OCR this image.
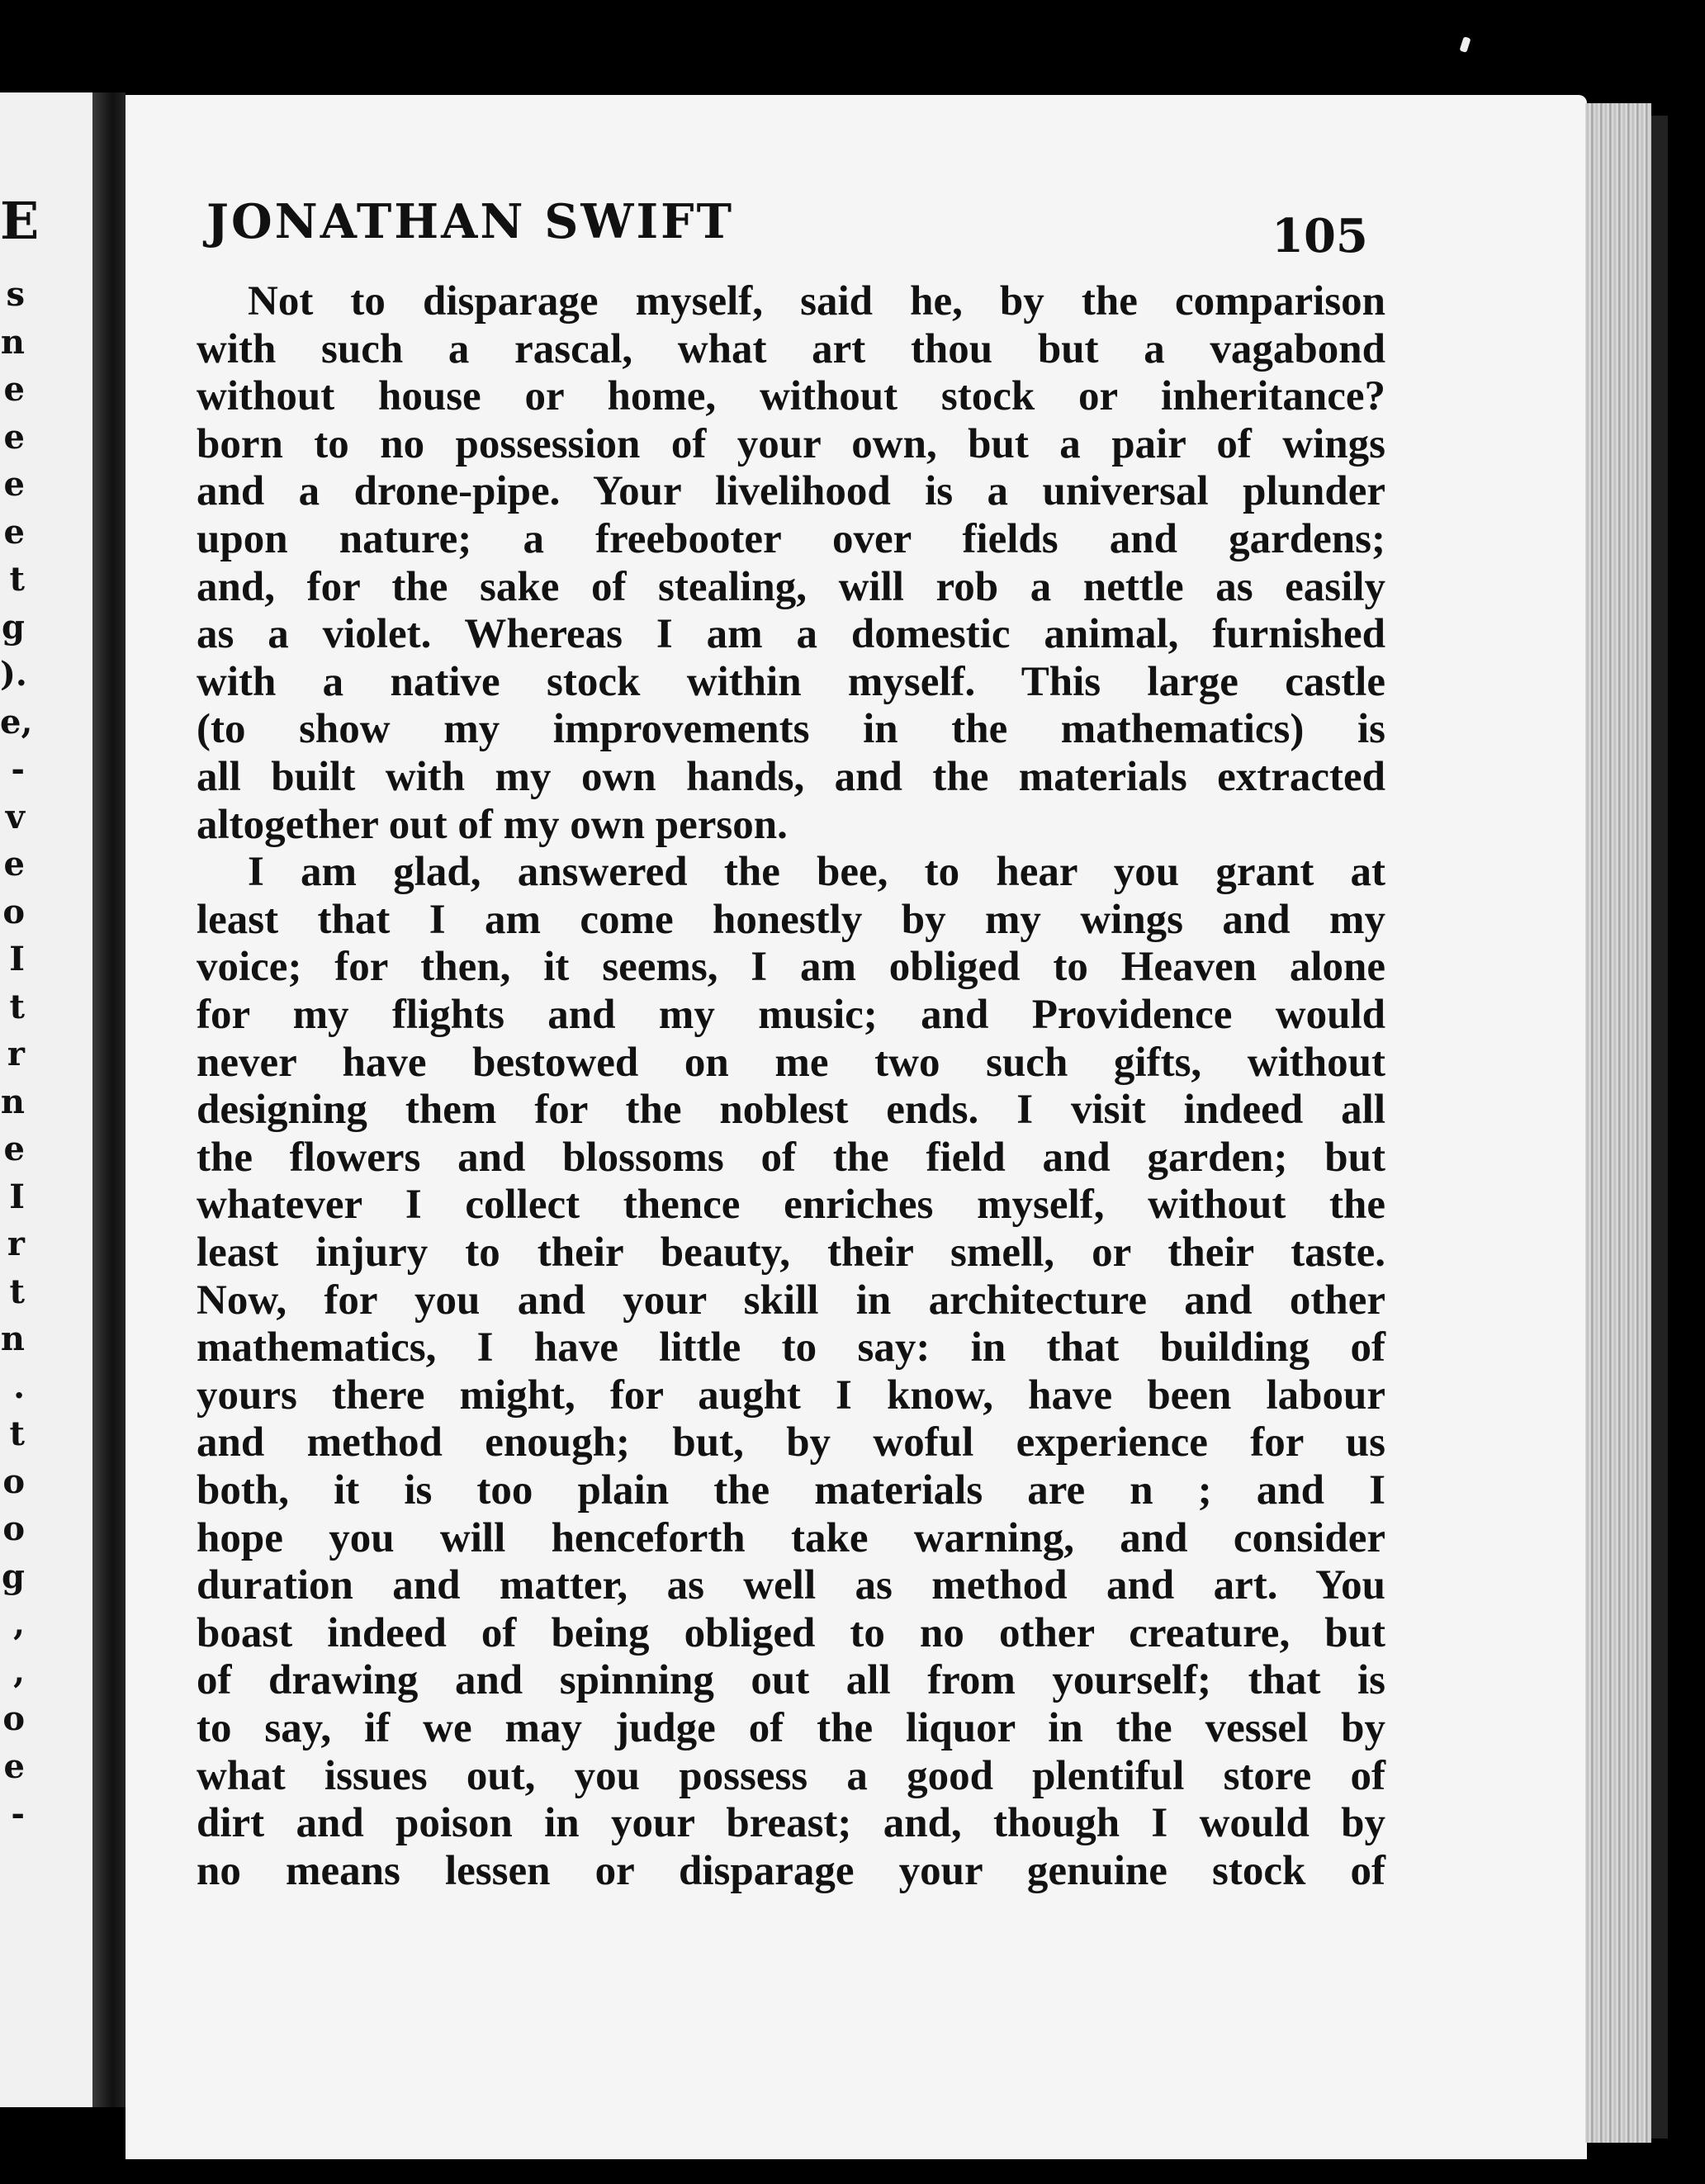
E
s
n
e
e
e
e
t
g
).
e,
-
v
e
o
I
t
r
n
e
I
r
t
n
.
t
o
o
g
,
,
o
e
-
JONATHAN SWIFT	105
Not to disparage myself, said he, by the comparison
with such a rascal, what art thou but a vagabond
without house or home, without stock or inheritance?
born to no possession of your own, but a pair of wings
and a drone-pipe. Your livelihood is a universal plunder
upon nature; a freebooter over fields and gardens;
and, for the sake of stealing, will rob a nettle as easily
as a violet. Whereas I am a domestic animal, furnished
with a native stock within myself. This large castle
(to show my improvements in the mathematics) is
all built with my own hands, and the materials extracted
altogether out of my own person.
I am glad, answered the bee, to hear you grant at
least that I am come honestly by my wings and my
voice; for then, it seems, I am obliged to Heaven alone
for my flights and my music; and Providence would
never have bestowed on me two such gifts, without
designing them for the noblest ends. I visit indeed all
the flowers and blossoms of the field and garden; but
whatever I collect thence enriches myself, without the
least injury to their beauty, their smell, or their taste.
Now, for you and your skill in architecture and other
mathematics, I have little to say: in that building of
yours there might, for aught I know, have been labour
and method enough; but, by woful experience for us
both, it is too plain the materials are n ; and I
hope you will henceforth take warning, and consider
duration and matter, as well as method and art. You
boast indeed of being obliged to no other creature, but
of drawing and spinning out all from yourself; that is
to say, if we may judge of the liquor in the vessel by
what issues out, you possess a good plentiful store of
dirt and poison in your breast; and, though I would by
no means lessen or disparage your genuine stock of
